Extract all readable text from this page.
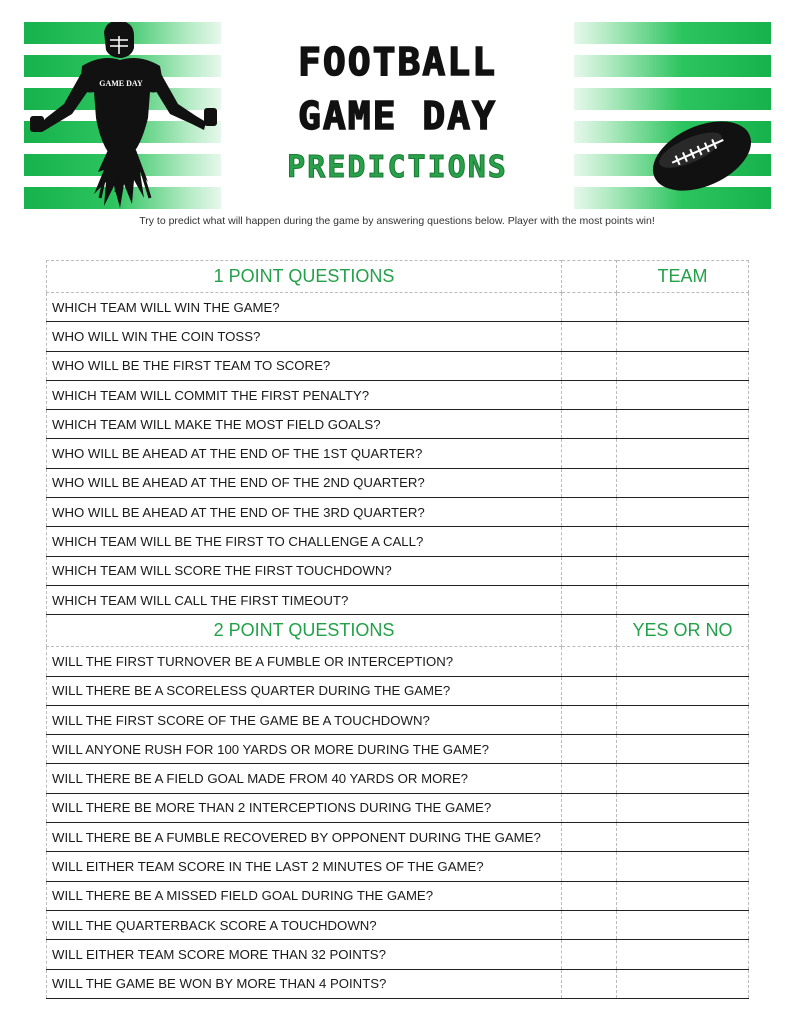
GAME DAY	FOOTBALL
GAME DAY
PREDICTIONS
Try to predict what will happen during the game by answering questions below. Player with the most points win!
1 POINT QUESTIONS		TEAM
WHICH TEAM WILL WIN THE GAME?		
WHO WILL WIN THE COIN TOSS?		
WHO WILL BE THE FIRST TEAM TO SCORE?		
WHICH TEAM WILL COMMIT THE FIRST PENALTY?		
WHICH TEAM WILL MAKE THE MOST FIELD GOALS?		
WHO WILL BE AHEAD AT THE END OF THE 1ST QUARTER?		
WHO WILL BE AHEAD AT THE END OF THE 2ND QUARTER?		
WHO WILL BE AHEAD AT THE END OF THE 3RD QUARTER?		
WHICH TEAM WILL BE THE FIRST TO CHALLENGE A CALL?		
WHICH TEAM WILL SCORE THE FIRST TOUCHDOWN?		
WHICH TEAM WILL CALL THE FIRST TIMEOUT?		
2 POINT QUESTIONS		YES OR NO
WILL THE FIRST TURNOVER BE A FUMBLE OR INTERCEPTION?		
WILL THERE BE A SCORELESS QUARTER DURING THE GAME?		
WILL THE FIRST SCORE OF THE GAME BE A TOUCHDOWN?		
WILL ANYONE RUSH FOR 100 YARDS OR MORE DURING THE GAME?		
WILL THERE BE A FIELD GOAL MADE FROM 40 YARDS OR MORE?		
WILL THERE BE MORE THAN 2 INTERCEPTIONS DURING THE GAME?		
WILL THERE BE A FUMBLE RECOVERED BY OPPONENT DURING THE GAME?		
WILL EITHER TEAM SCORE IN THE LAST 2 MINUTES OF THE GAME?		
WILL THERE BE A MISSED FIELD GOAL DURING THE GAME?		
WILL THE QUARTERBACK SCORE A TOUCHDOWN?		
WILL EITHER TEAM SCORE MORE THAN 32 POINTS?		
WILL THE GAME BE WON BY MORE THAN 4 POINTS?		
